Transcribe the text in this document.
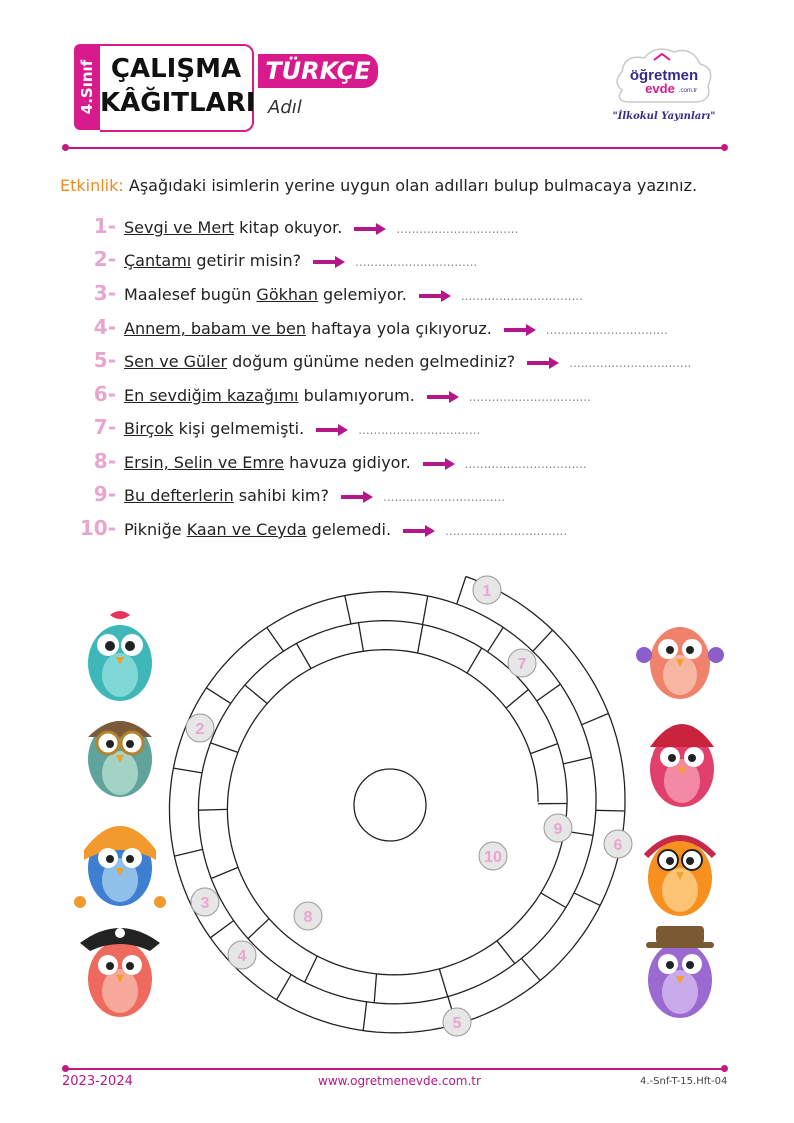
4.Sınıf ÇALIŞMA
KÂĞITLARI
TÜRKÇE
Adıl
öğretmen
evde .com.tr
"İlkokul Yayınları"
Etkinlik: Aşağıdaki isimlerin yerine uygun olan adılları bulup bulmacaya yazınız.
1- Sevgi ve Mert kitap okuyor.	................................
2- Çantamı getirir misin?	................................
3- Maalesef bugün Gökhan gelemiyor.	................................
4- Annem, babam ve ben haftaya yola çıkıyoruz.	................................
5- Sen ve Güler doğum günüme neden gelmediniz?	................................
6- En sevdiğim kazağımı bulamıyorum.	................................
7- Birçok kişi gelmemişti.	................................
8- Ersin, Selin ve Emre havuza gidiyor.	................................
9- Bu defterlerin sahibi kim?	................................
10- Pikniğe Kaan ve Ceyda gelemedi.	................................
1
2
3
4
5
6
7
8
9
10
2023-2024	www.ogretmenevde.com.tr	4.-Snf-T-15.Hft-04
